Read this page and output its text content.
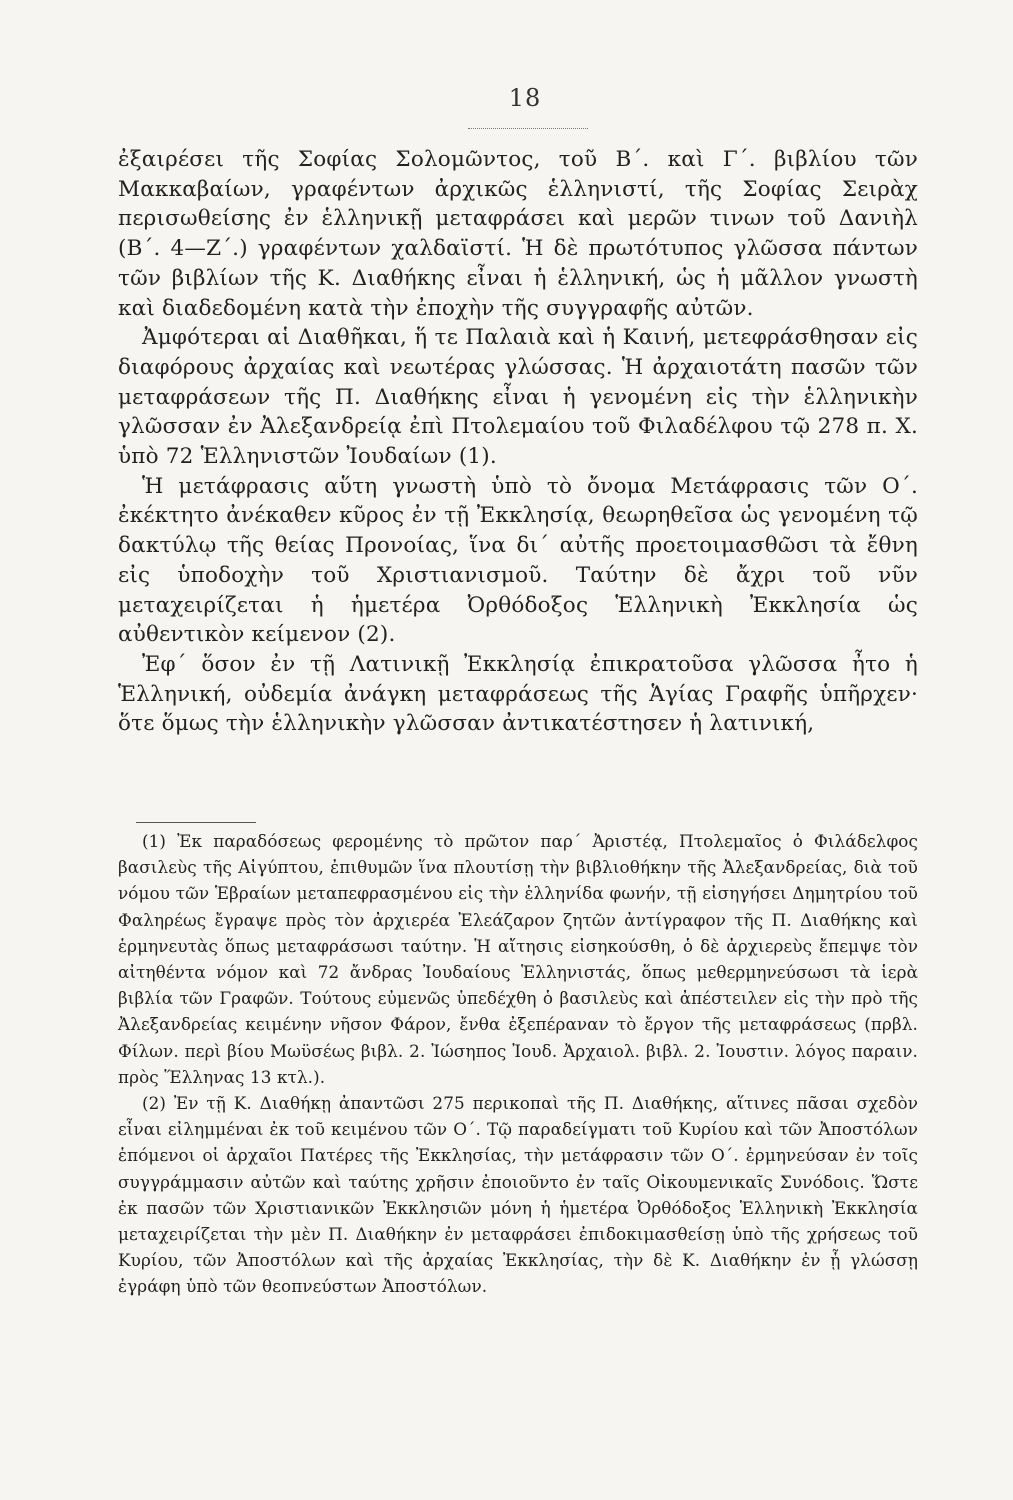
18

ἐξαιρέσει τῆς Σοφίας Σολομῶντος, τοῦ Β΄. καὶ Γ΄. βιβλίου τῶν Μακκαβαίων, γραφέντων ἀρχικῶς ἑλληνιστί, τῆς Σοφίας Σειρὰχ περισωθείσης ἐν ἑλληνικῇ μεταφράσει καὶ μερῶν τινων τοῦ Δανιὴλ (Β΄. 4—Ζ΄.) γραφέντων χαλδαϊστί. Ἡ δὲ πρωτότυπος γλῶσσα πάντων τῶν βιβλίων τῆς Κ. Διαθήκης εἶναι ἡ ἑλληνική, ὡς ἡ μᾶλλον γνωστὴ καὶ διαδεδομένη κατὰ τὴν ἐποχὴν τῆς συγγραφῆς αὐτῶν.

Ἀμφότεραι αἱ Διαθῆκαι, ἥ τε Παλαιὰ καὶ ἡ Καινή, μετεφράσθησαν εἰς διαφόρους ἀρχαίας καὶ νεωτέρας γλώσσας. Ἡ ἀρχαιοτάτη πασῶν τῶν μεταφράσεων τῆς Π. Διαθήκης εἶναι ἡ γενομένη εἰς τὴν ἑλληνικὴν γλῶσσαν ἐν Ἀλεξανδρείᾳ ἐπὶ Πτολεμαίου τοῦ Φιλαδέλφου τῷ 278 π. Χ. ὑπὸ 72 Ἑλληνιστῶν Ἰουδαίων (1).

Ἡ μετάφρασις αὕτη γνωστὴ ὑπὸ τὸ ὄνομα Μετάφρασις τῶν Ο΄. ἐκέκτητο ἀνέκαθεν κῦρος ἐν τῇ Ἐκκλησίᾳ, θεωρηθεῖσα ὡς γενομένη τῷ δακτύλῳ τῆς θείας Προνοίας, ἵνα δι΄ αὐτῆς προετοιμασθῶσι τὰ ἔθνη εἰς ὑποδοχὴν τοῦ Χριστιανισμοῦ. Ταύτην δὲ ἄχρι τοῦ νῦν μεταχειρίζεται ἡ ἡμετέρα Ὀρθόδοξος Ἑλληνικὴ Ἐκκλησία ὡς αὐθεντικὸν κείμενον (2).

Ἐφ΄ ὅσον ἐν τῇ Λατινικῇ Ἐκκλησίᾳ ἐπικρατοῦσα γλῶσσα ἦτο ἡ Ἑλληνική, οὐδεμία ἀνάγκη μεταφράσεως τῆς Ἁγίας Γραφῆς ὑπῆρχεν· ὅτε ὅμως τὴν ἑλληνικὴν γλῶσσαν ἀντικατέστησεν ἡ λατινική,

(1) Ἐκ παραδόσεως φερομένης τὸ πρῶτον παρ΄ Ἀριστέᾳ, Πτολεμαῖος ὁ Φιλάδελφος βασιλεὺς τῆς Αἰγύπτου, ἐπιθυμῶν ἵνα πλουτίσῃ τὴν βιβλιοθήκην τῆς Ἀλεξανδρείας, διὰ τοῦ νόμου τῶν Ἑβραίων μεταπεφρασμένου εἰς τὴν ἑλληνίδα φωνήν, τῇ εἰσηγήσει Δημητρίου τοῦ Φαληρέως ἔγραψε πρὸς τὸν ἀρχιερέα Ἐλεάζαρον ζητῶν ἀντίγραφον τῆς Π. Διαθήκης καὶ ἑρμηνευτὰς ὅπως μεταφράσωσι ταύτην. Ἡ αἴτησις εἰσηκούσθη, ὁ δὲ ἀρχιερεὺς ἔπεμψε τὸν αἰτηθέντα νόμον καὶ 72 ἄνδρας Ἰουδαίους Ἑλληνιστάς, ὅπως μεθερμηνεύσωσι τὰ ἱερὰ βιβλία τῶν Γραφῶν. Τούτους εὐμενῶς ὑπεδέχθη ὁ βασιλεὺς καὶ ἀπέστειλεν εἰς τὴν πρὸ τῆς Ἀλεξανδρείας κειμένην νῆσον Φάρον, ἔνθα ἐξεπέραναν τὸ ἔργον τῆς μεταφράσεως (πρβλ. Φίλων. περὶ βίου Μωϋσέως βιβλ. 2. Ἰώσηπος Ἰουδ. Ἀρχαιολ. βιβλ. 2. Ἰουστιν. λόγος παραιν. πρὸς Ἕλληνας 13 κτλ.).

(2) Ἐν τῇ Κ. Διαθήκῃ ἀπαντῶσι 275 περικοπαὶ τῆς Π. Διαθήκης, αἵτινες πᾶσαι σχεδὸν εἶναι εἰλημμέναι ἐκ τοῦ κειμένου τῶν Ο΄. Τῷ παραδείγματι τοῦ Κυρίου καὶ τῶν Ἀποστόλων ἑπόμενοι οἱ ἀρχαῖοι Πατέρες τῆς Ἐκκλησίας, τὴν μετάφρασιν τῶν Ο΄. ἑρμηνεύσαν ἐν τοῖς συγγράμμασιν αὐτῶν καὶ ταύτης χρῆσιν ἐποιοῦντο ἐν ταῖς Οἰκουμενικαῖς Συνόδοις. Ὥστε ἐκ πασῶν τῶν Χριστιανικῶν Ἐκκλησιῶν μόνη ἡ ἡμετέρα Ὀρθόδοξος Ἑλληνικὴ Ἐκκλησία μεταχειρίζεται τὴν μὲν Π. Διαθήκην ἐν μεταφράσει ἐπιδοκιμασθείσῃ ὑπὸ τῆς χρήσεως τοῦ Κυρίου, τῶν Ἀποστόλων καὶ τῆς ἀρχαίας Ἐκκλησίας, τὴν δὲ Κ. Διαθήκην ἐν ᾗ γλώσσῃ ἐγράφη ὑπὸ τῶν θεοπνεύστων Ἀποστόλων.
